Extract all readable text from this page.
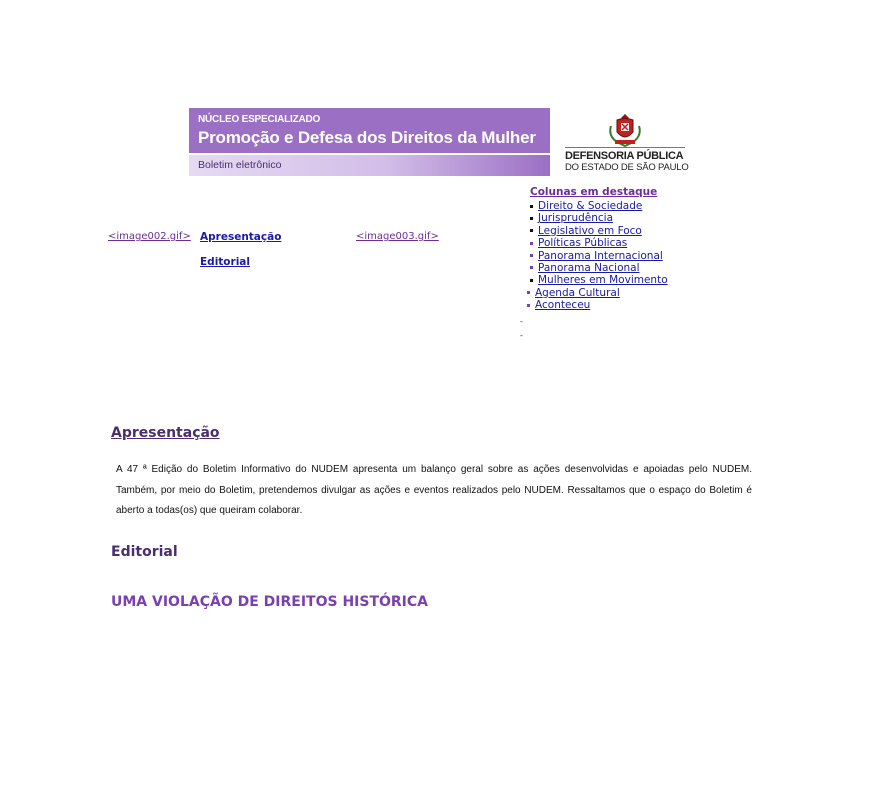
NÚCLEO ESPECIALIZADO
Promoção e Defesa dos Direitos da Mulher
Boletim eletrônico
DEFENSORIA PÚBLICA
DO ESTADO DE SÃO PAULO
<image002.gif> Apresentação
Editorial
<image003.gif>
Colunas em destaque
Direito & Sociedade
Jurisprudência
Legislativo em Foco
Políticas Públicas
Panorama Internacional
Panorama Nacional
Mulheres em Movimento
Agenda Cultural
Aconteceu
-
-
Apresentação

A 47 ª Edição do Boletim Informativo do NUDEM apresenta um balanço geral sobre as ações desenvolvidas e apoiadas pelo NUDEM. Também, por meio do Boletim, pretendemos divulgar as ações e eventos realizados pelo NUDEM. Ressaltamos que o espaço do Boletim é aberto a todas(os) que queiram colaborar.

Editorial
UMA VIOLAÇÃO DE DIREITOS HISTÓRICA
